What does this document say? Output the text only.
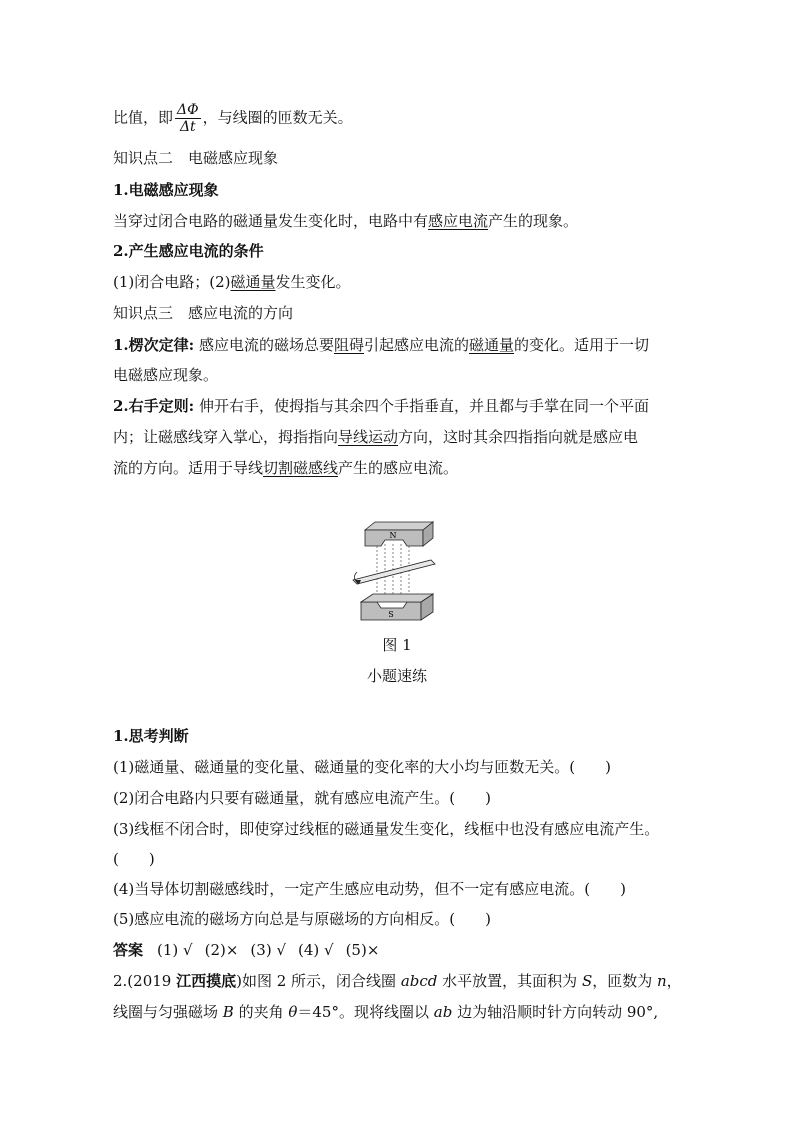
比值，即 $\frac{\Delta\Phi}{\Delta t}$ ，与线圈的匝数无关。
知识点二　电磁感应现象
1.电磁感应现象
当穿过闭合电路的磁通量发生变化时，电路中有感应电流产生的现象。
2.产生感应电流的条件
(1)闭合电路；(2)磁通量发生变化。
知识点三　感应电流的方向
1.楞次定律: 感应电流的磁场总要阻碍引起感应电流的磁通量的变化。适用于一切
电磁感应现象。
2.右手定则: 伸开右手，使拇指与其余四个手指垂直，并且都与手掌在同一个平面
内；让磁感线穿入掌心，拇指指向导线运动方向，这时其余四指指向就是感应电
流的方向。适用于导线切割磁感线产生的感应电流。
N
S
图 1
小题速练
1.思考判断
(1)磁通量、磁通量的变化量、磁通量的变化率的大小均与匝数无关。(　　)
(2)闭合电路内只要有磁通量，就有感应电流产生。(　　)
(3)线框不闭合时，即使穿过线框的磁通量发生变化，线框中也没有感应电流产生。
(　　)
(4)当导体切割磁感线时，一定产生感应电动势，但不一定有感应电流。(　　)
(5)感应电流的磁场方向总是与原磁场的方向相反。(　　)
答案 (1) √ (2)× (3) √ (4) √ (5)×
2.(2019 江西摸底)如图 2 所示，闭合线圈 abcd 水平放置，其面积为 S，匝数为 n，
线圈与匀强磁场 B 的夹角 θ＝45°。现将线圈以 ab 边为轴沿顺时针方向转动 90°,
